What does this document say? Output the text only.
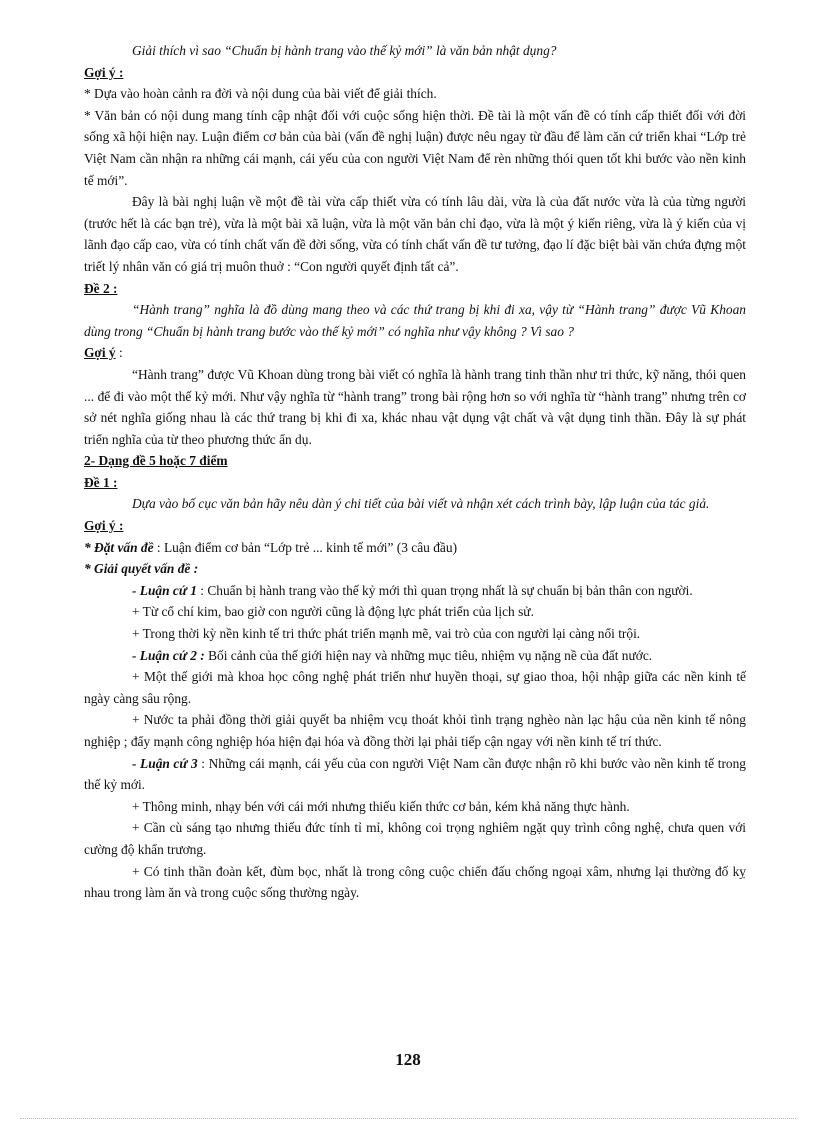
Giải thích vì sao “Chuẩn bị hành trang vào thế kỷ mới” là văn bản nhật dụng?

Gợi ý :

* Dựa vào hoàn cảnh ra đời và nội dung của bài viết để giải thích.

* Văn bản có nội dung mang tính cập nhật đối với cuộc sống hiện thời. Đề tài là một vấn đề có tính cấp thiết đối với đời sống xã hội hiện nay. Luận điểm cơ bản của bài (vấn đề nghị luận) được nêu ngay từ đầu để làm căn cứ triển khai “Lớp trẻ Việt Nam cần nhận ra những cái mạnh, cái yếu của con người Việt Nam để rèn những thói quen tốt khi bước vào nền kinh tế mới”.

Đây là bài nghị luận về một đề tài vừa cấp thiết vừa có tính lâu dài, vừa là của đất nước vừa là của từng người (trước hết là các bạn trẻ), vừa là một bài xã luận, vừa là một văn bản chỉ đạo, vừa là một ý kiến riêng, vừa là ý kiến của vị lãnh đạo cấp cao, vừa có tính chất vấn đề đời sống, vừa có tính chất vấn đề tư tưởng, đạo lí đặc biệt bài văn chứa đựng một triết lý nhân văn có giá trị muôn thuở : “Con người quyết định tất cả”.

Đề 2 :

“Hành trang” nghĩa là đồ dùng mang theo và các thứ trang bị khi đi xa, vậy từ “Hành trang” được Vũ Khoan dùng trong “Chuẩn bị hành trang bước vào thế kỷ mới” có nghĩa như vậy không ? Vì sao ?

Gợi ý :

“Hành trang” được Vũ Khoan dùng trong bài viết có nghĩa là hành trang tinh thần như tri thức, kỹ năng, thói quen ... để đi vào một thế kỷ mới. Như vậy nghĩa từ “hành trang” trong bài rộng hơn so với nghĩa từ “hành trang” nhưng trên cơ sở nét nghĩa giống nhau là các thứ trang bị khi đi xa, khác nhau vật dụng vật chất và vật dụng tinh thần. Đây là sự phát triển nghĩa của từ theo phương thức ẩn dụ.

2- Dạng đề 5 hoặc 7 điểm

Đề 1 :

Dựa vào bố cục văn bản hãy nêu dàn ý chi tiết của bài viết và nhận xét cách trình bày, lập luận của tác giả.

Gợi ý :

* Đặt vấn đề : Luận điểm cơ bản “Lớp trẻ ... kinh tế mới” (3 câu đầu)

* Giải quyết vấn đề :

- Luận cứ 1 : Chuẩn bị hành trang vào thế kỷ mới thì quan trọng nhất là sự chuẩn bị bản thân con người.

+ Từ cổ chí kim, bao giờ con người cũng là động lực phát triển của lịch sử.

+ Trong thời kỳ nền kinh tế tri thức phát triển mạnh mẽ, vai trò của con người lại càng nổi trội.

- Luận cứ 2 : Bối cảnh của thế giới hiện nay và những mục tiêu, nhiệm vụ nặng nề của đất nước.

+ Một thế giới mà khoa học công nghệ phát triển như huyền thoại, sự giao thoa, hội nhập giữa các nền kinh tế ngày càng sâu rộng.

+ Nước ta phải đồng thời giải quyết ba nhiệm vcụ thoát khỏi tình trạng nghèo nàn lạc hậu của nền kinh tế nông nghiệp ; đẩy mạnh công nghiệp hóa hiện đại hóa và đồng thời lại phải tiếp cận ngay với nền kinh tế trí thức.

- Luận cứ 3 : Những cái mạnh, cái yếu của con người Việt Nam cần được nhận rõ khi bước vào nền kinh tế trong thế kỷ mới.

+ Thông minh, nhạy bén với cái mới nhưng thiếu kiến thức cơ bản, kém khả năng thực hành.

+ Cần cù sáng tạo nhưng thiếu đức tính tỉ mỉ, không coi trọng nghiêm ngặt quy trình công nghệ, chưa quen với cường độ khẩn trương.

+ Có tinh thần đoàn kết, đùm bọc, nhất là trong công cuộc chiến đấu chống ngoại xâm, nhưng lại thường đố kỵ nhau trong làm ăn và trong cuộc sống thường ngày.

128
